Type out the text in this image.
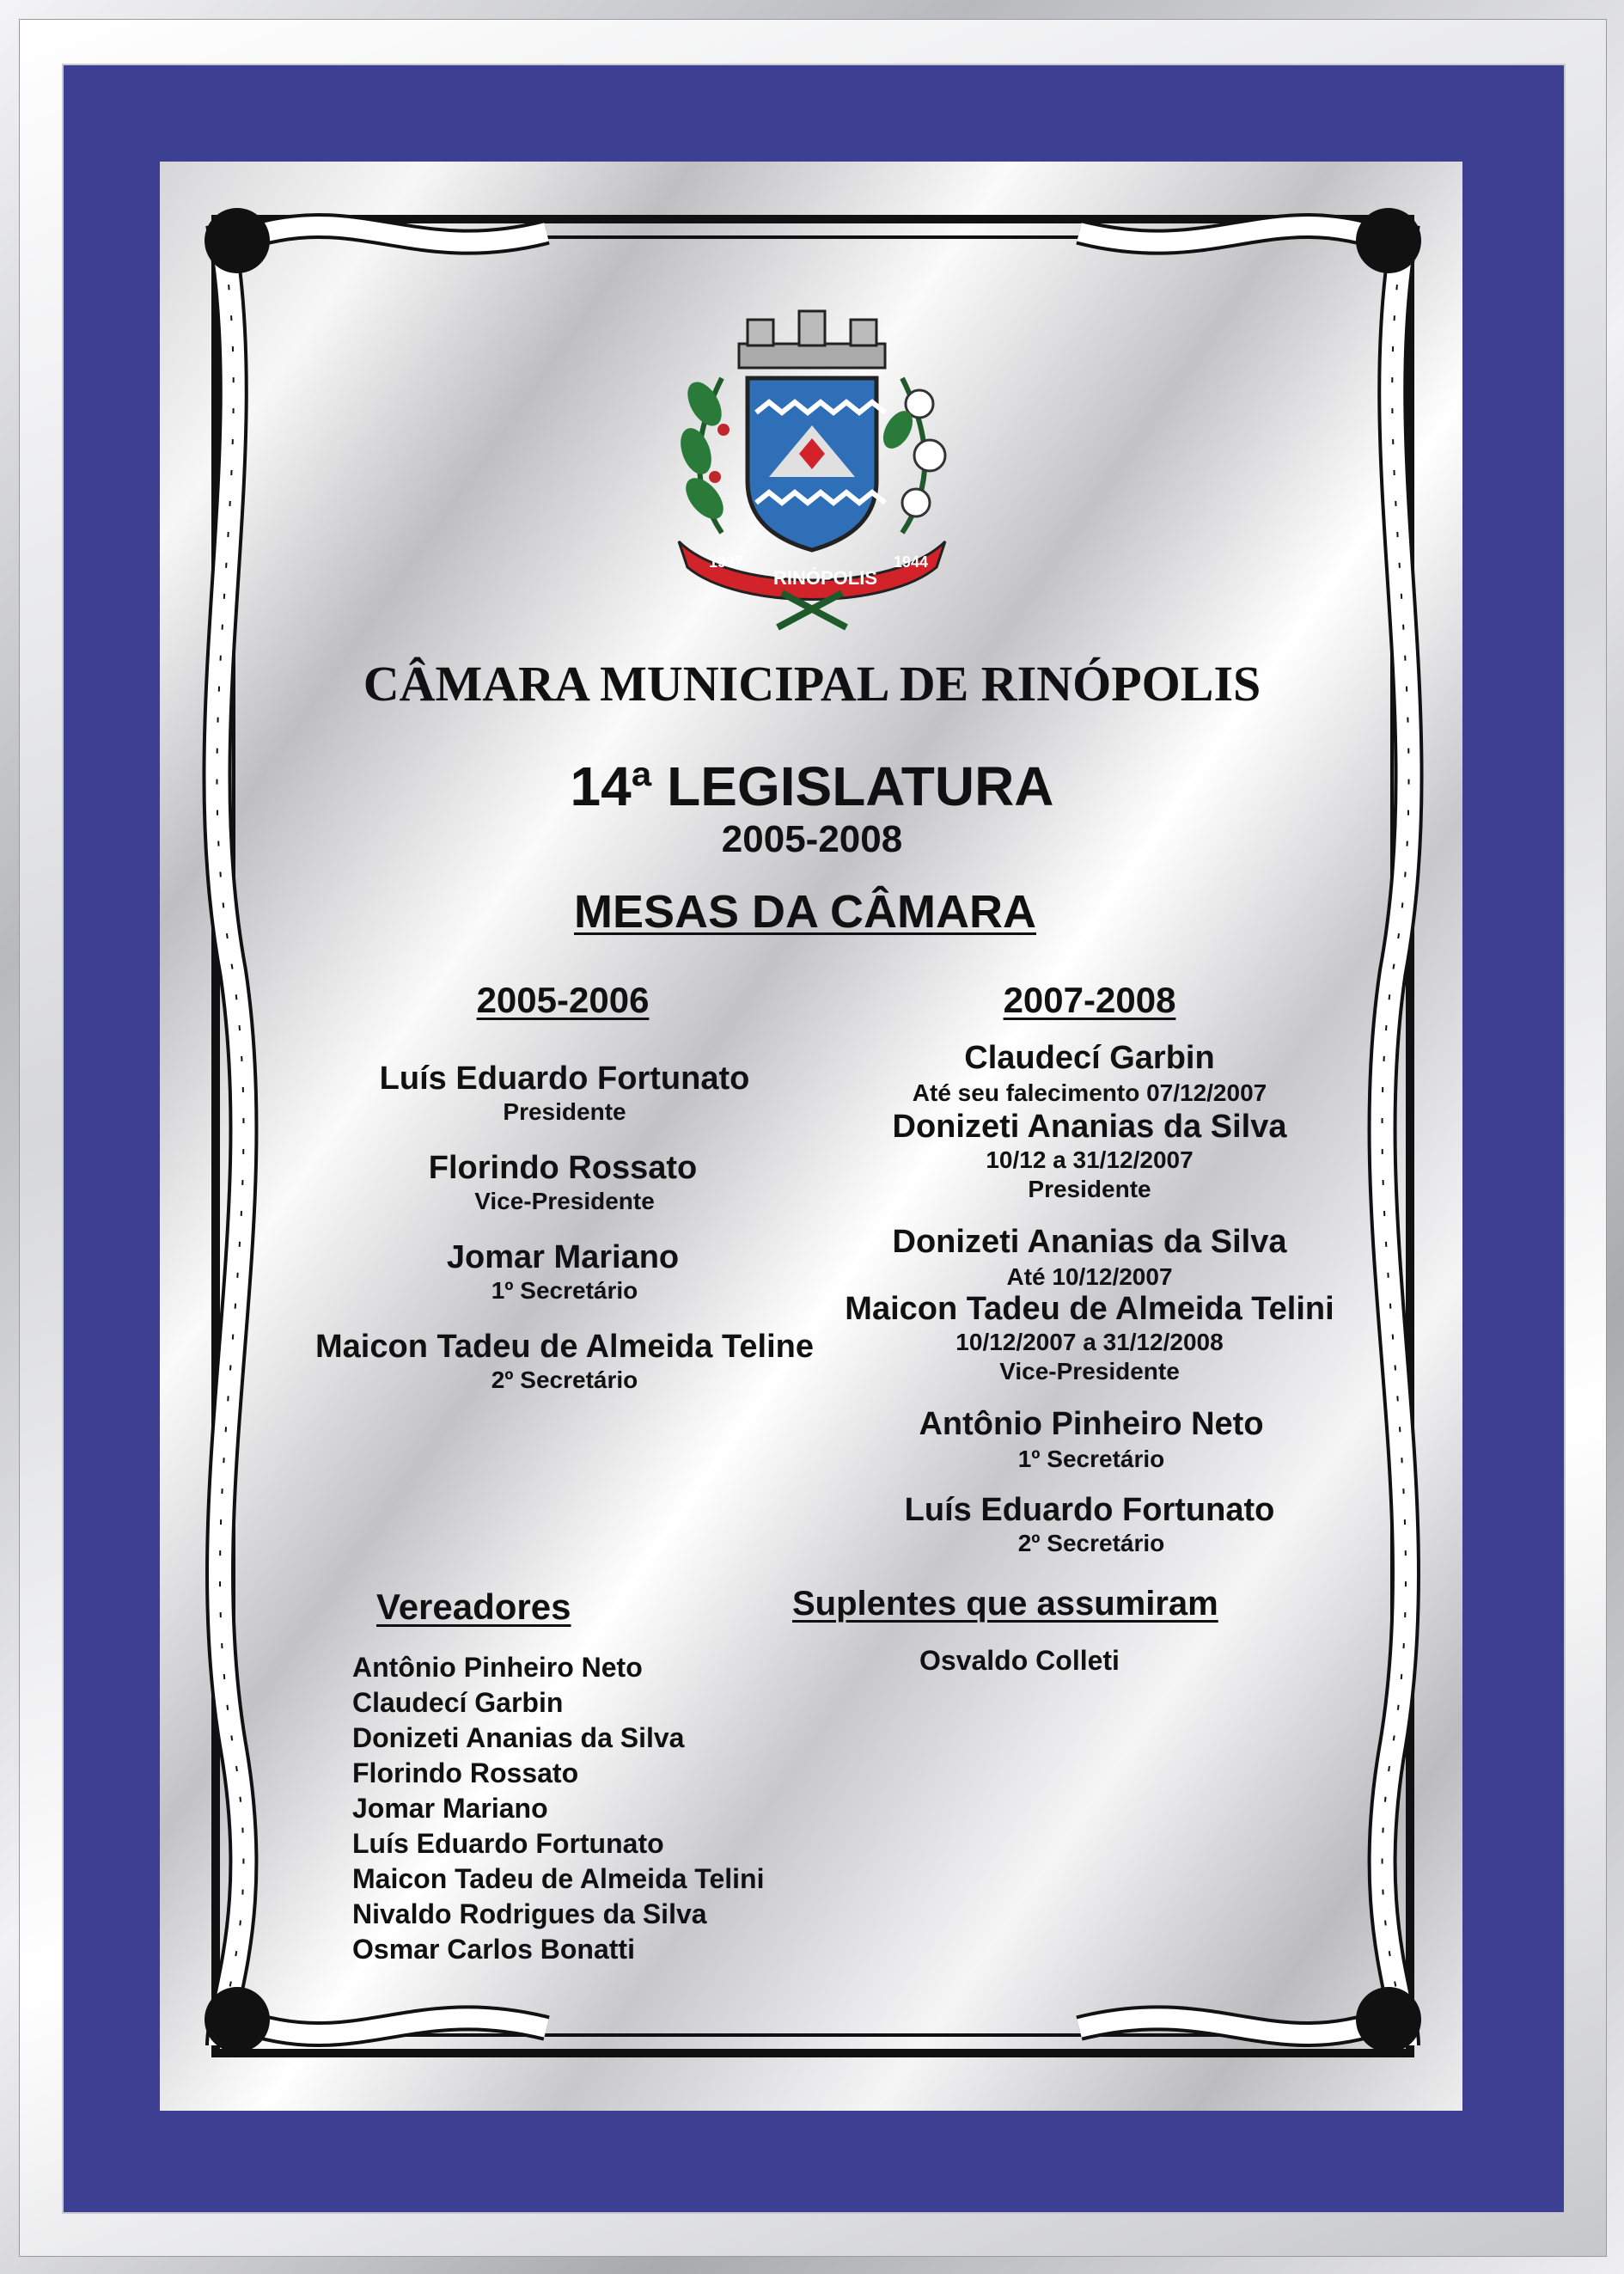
1937
RINÓPOLIS
1944
CÂMARA MUNICIPAL DE RINÓPOLIS
14ª LEGISLATURA
2005-2008
MESAS DA CÂMARA
2005-2006
Luís Eduardo Fortunato
Presidente
Florindo Rossato
Vice-Presidente
Jomar Mariano
1º Secretário
Maicon Tadeu de Almeida Teline
2º Secretário
2007-2008
Claudecí Garbin
Até seu falecimento 07/12/2007
Donizeti Ananias da Silva
10/12 a 31/12/2007
Presidente
Donizeti Ananias da Silva
Até 10/12/2007
Maicon Tadeu de Almeida Telini
10/12/2007 a 31/12/2008
Vice-Presidente
Antônio Pinheiro Neto
1º Secretário
Luís Eduardo Fortunato
2º Secretário
Vereadores
Antônio Pinheiro Neto
Claudecí Garbin
Donizeti Ananias da Silva
Florindo Rossato
Jomar Mariano
Luís Eduardo Fortunato
Maicon Tadeu de Almeida Telini
Nivaldo Rodrigues da Silva
Osmar Carlos Bonatti
Suplentes que assumiram
Osvaldo Colleti
